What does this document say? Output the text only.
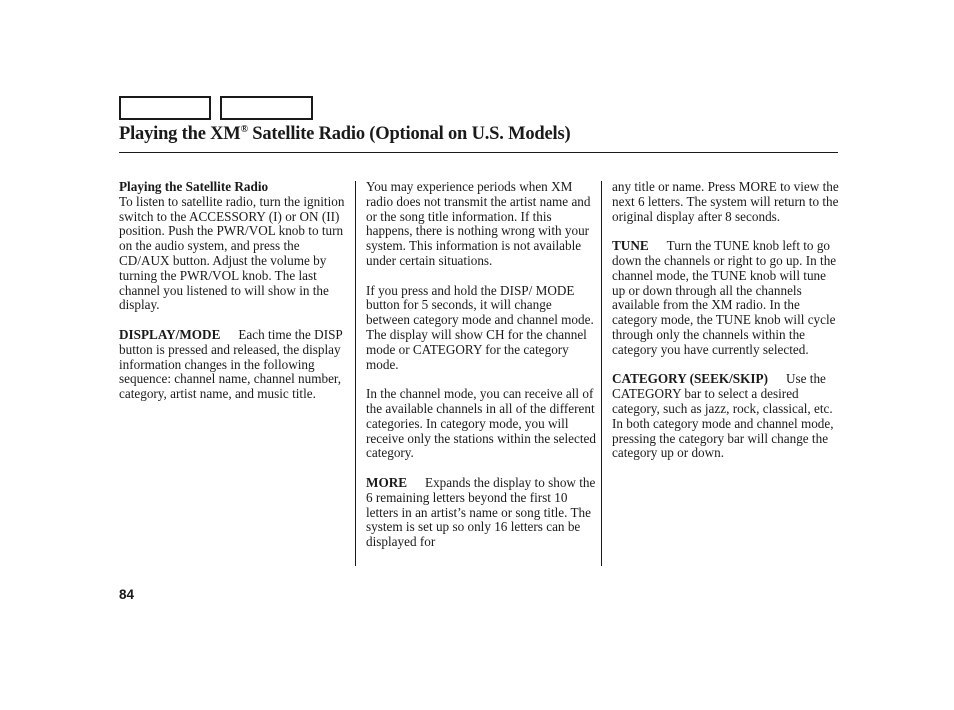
Playing the XM® Satellite Radio (Optional on U.S. Models)

Playing the Satellite Radio
To listen to satellite radio, turn the ignition switch to the ACCESSORY (I) or ON (II) position. Push the PWR/VOL knob to turn on the audio system, and press the CD/AUX button. Adjust the volume by turning the PWR/VOL knob. The last channel you listened to will show in the display.

DISPLAY/MODE Each time the DISP button is pressed and released, the display information changes in the following sequence: channel name, channel number, category, artist name, and music title.

You may experience periods when XM radio does not transmit the artist name and or the song title information. If this happens, there is nothing wrong with your system. This information is not available under certain situations.

If you press and hold the DISP/ MODE button for 5 seconds, it will change between category mode and channel mode. The display will show CH for the channel mode or CATEGORY for the category mode.

In the channel mode, you can receive all of the available channels in all of the different categories. In category mode, you will receive only the stations within the selected category.

MORE Expands the display to show the 6 remaining letters beyond the first 10 letters in an artist’s name or song title. The system is set up so only 16 letters can be displayed for

any title or name. Press MORE to view the next 6 letters. The system will return to the original display after 8 seconds.

TUNE Turn the TUNE knob left to go down the channels or right to go up. In the channel mode, the TUNE knob will tune up or down through all the channels available from the XM radio. In the category mode, the TUNE knob will cycle through only the channels within the category you have currently selected.

CATEGORY (SEEK/SKIP) Use the CATEGORY bar to select a desired category, such as jazz, rock, classical, etc. In both category mode and channel mode, pressing the category bar will change the category up or down.

84
